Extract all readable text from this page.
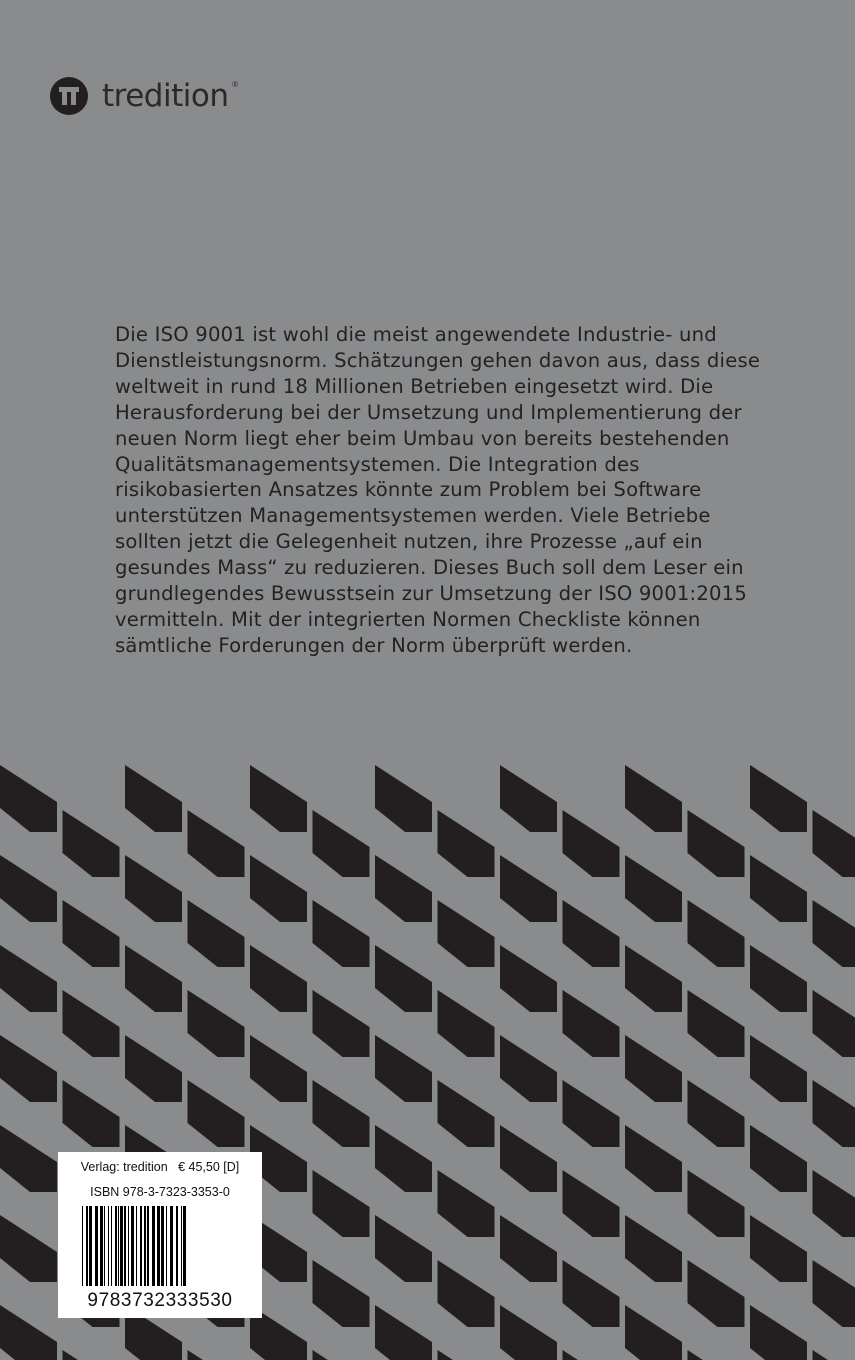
tredition ®
Die ISO 9001 ist wohl die meist angewendete Industrie- und
Dienstleistungsnorm. Schätzungen gehen davon aus, dass diese
weltweit in rund 18 Millionen Betrieben eingesetzt wird. Die
Herausforderung bei der Umsetzung und Implementierung der
neuen Norm liegt eher beim Umbau von bereits bestehenden
Qualitätsmanagementsystemen. Die Integration des
risikobasierten Ansatzes könnte zum Problem bei Software
unterstützen Managementsystemen werden. Viele Betriebe
sollten jetzt die Gelegenheit nutzen, ihre Prozesse „auf ein
gesundes Mass“ zu reduzieren. Dieses Buch soll dem Leser ein
grundlegendes Bewusstsein zur Umsetzung der ISO 9001:2015
vermitteln. Mit der integrierten Normen Checkliste können
sämtliche Forderungen der Norm überprüft werden.
Verlag: tredition € 45,50 [D]
ISBN 978-3-7323-3353-0
9783732333530
